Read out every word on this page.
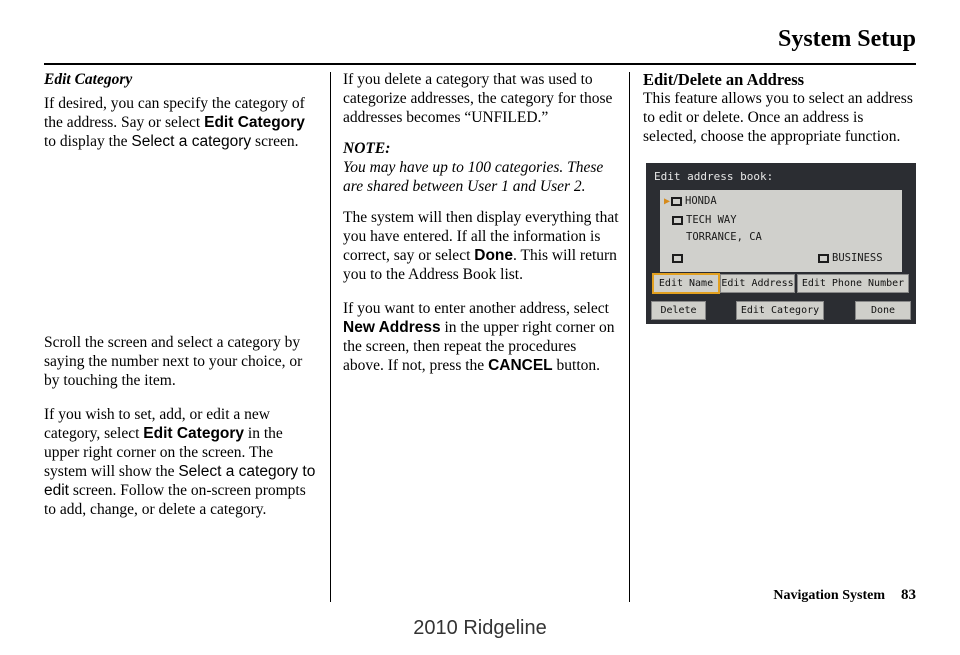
System Setup

Edit Category

If desired, you can specify the category of the address. Say or select Edit Category to display the Select a category screen.

Scroll the screen and select a category by saying the number next to your choice, or by touching the item.

If you wish to set, add, or edit a new category, select Edit Category in the upper right corner on the screen. The system will show the Select a category to edit screen. Follow the on-screen prompts to add, change, or delete a category.

If you delete a category that was used to categorize addresses, the category for those addresses becomes “UNFILED.”

NOTE:

You may have up to 100 categories. These are shared between User 1 and User 2.

The system will then display everything that you have entered. If all the information is correct, say or select Done. This will return you to the Address Book list.

If you want to enter another address, select New Address in the upper right corner on the screen, then repeat the procedures above. If not, press the CANCEL button.

Edit/Delete an Address

This feature allows you to select an address to edit or delete. Once an address is selected, choose the appropriate function.

Edit address book:
▶ HONDA
TECH WAY
TORRANCE, CA
BUSINESS
Edit Name Edit Address Edit Phone Number
Delete	Edit Category	Done
Navigation System 83
2010 Ridgeline
